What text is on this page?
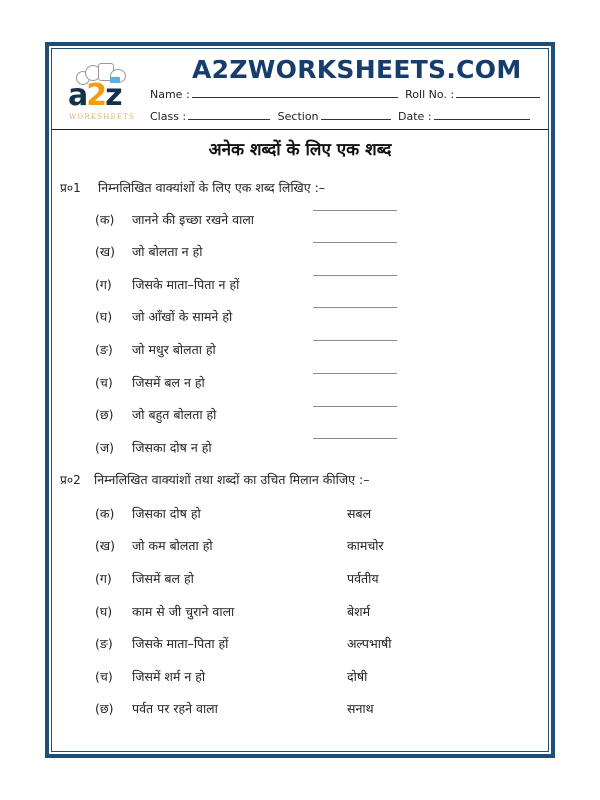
a2z
WORKSHEETS
A2ZWORKSHEETS.COM
Name :	Roll No. :
Class :	Section	Date :
अनेक शब्दों के लिए एक शब्द
प्र०1 निम्नलिखित वाक्यांशों के लिए एक शब्द लिखिए :–
(क) जानने की इच्छा रखने वाला
(ख) जो बोलता न हो
(ग) जिसके माता–पिता न हों
(घ) जो आँखों के सामने हो
(ङ) जो मधुर बोलता हो
(च) जिसमें बल न हो
(छ) जो बहुत बोलता हो
(ज) जिसका दोष न हो
प्र०2 निम्नलिखित वाक्यांशों तथा शब्दों का उचित मिलान कीजिए :–
(क) जिसका दोष हो	सबल
(ख) जो कम बोलता हो	कामचोर
(ग) जिसमें बल हो	पर्वतीय
(घ) काम से जी चुराने वाला	बेशर्म
(ङ) जिसके माता–पिता हों	अल्पभाषी
(च) जिसमें शर्म न हो	दोषी
(छ) पर्वत पर रहने वाला	सनाथ
